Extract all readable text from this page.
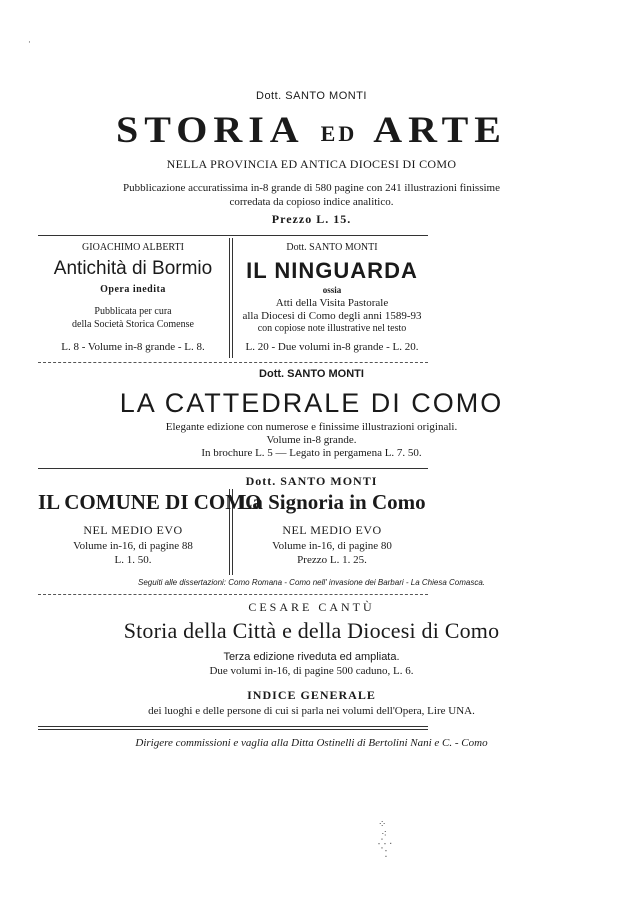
Dott. SANTO MONTI
STORIA ED ARTE
NELLA PROVINCIA ED ANTICA DIOCESI DI COMO
Pubblicazione accuratissima in-8 grande di 580 pagine con 241 illustrazioni finissime
corredata da copioso indice analitico.
Prezzo L. 15.
GIOACHIMO ALBERTI
Antichità di Bormio
Opera inedita
Pubblicata per cura
della Società Storica Comense
L. 8 - Volume in-8 grande - L. 8.
Dott. SANTO MONTI
IL NINGUARDA
ossia
Atti della Visita Pastorale
alla Diocesi di Como degli anni 1589-93
con copiose note illustrative nel testo
L. 20 - Due volumi in-8 grande - L. 20.
Dott. SANTO MONTI
LA CATTEDRALE DI COMO
Elegante edizione con numerose e finissime illustrazioni originali.
Volume in-8 grande.
In brochure L. 5 — Legato in pergamena L. 7. 50.
Dott. SANTO MONTI
IL COMUNE DI COMO
NEL MEDIO EVO
Volume in-16, di pagine 88
L. 1. 50.
La Signoria in Como
NEL MEDIO EVO
Volume in-16, di pagine 80
Prezzo L. 1. 25.
Seguiti alle dissertazioni: Como Romana - Como nell' invasione dei Barbari - La Chiesa Comasca.
CESARE CANTÙ
Storia della Città e della Diocesi di Como
Terza edizione riveduta ed ampliata.
Due volumi in-16, di pagine 500 caduno, L. 6.
INDICE GENERALE
dei luoghi e delle persone di cui si parla nei volumi dell'Opera, Lire UNA.
Dirigere commissioni e vaglia alla Ditta Ostinelli di Bertolini Nani e C. - Como
·
⁘
⁖
⁛ ·
⁚
